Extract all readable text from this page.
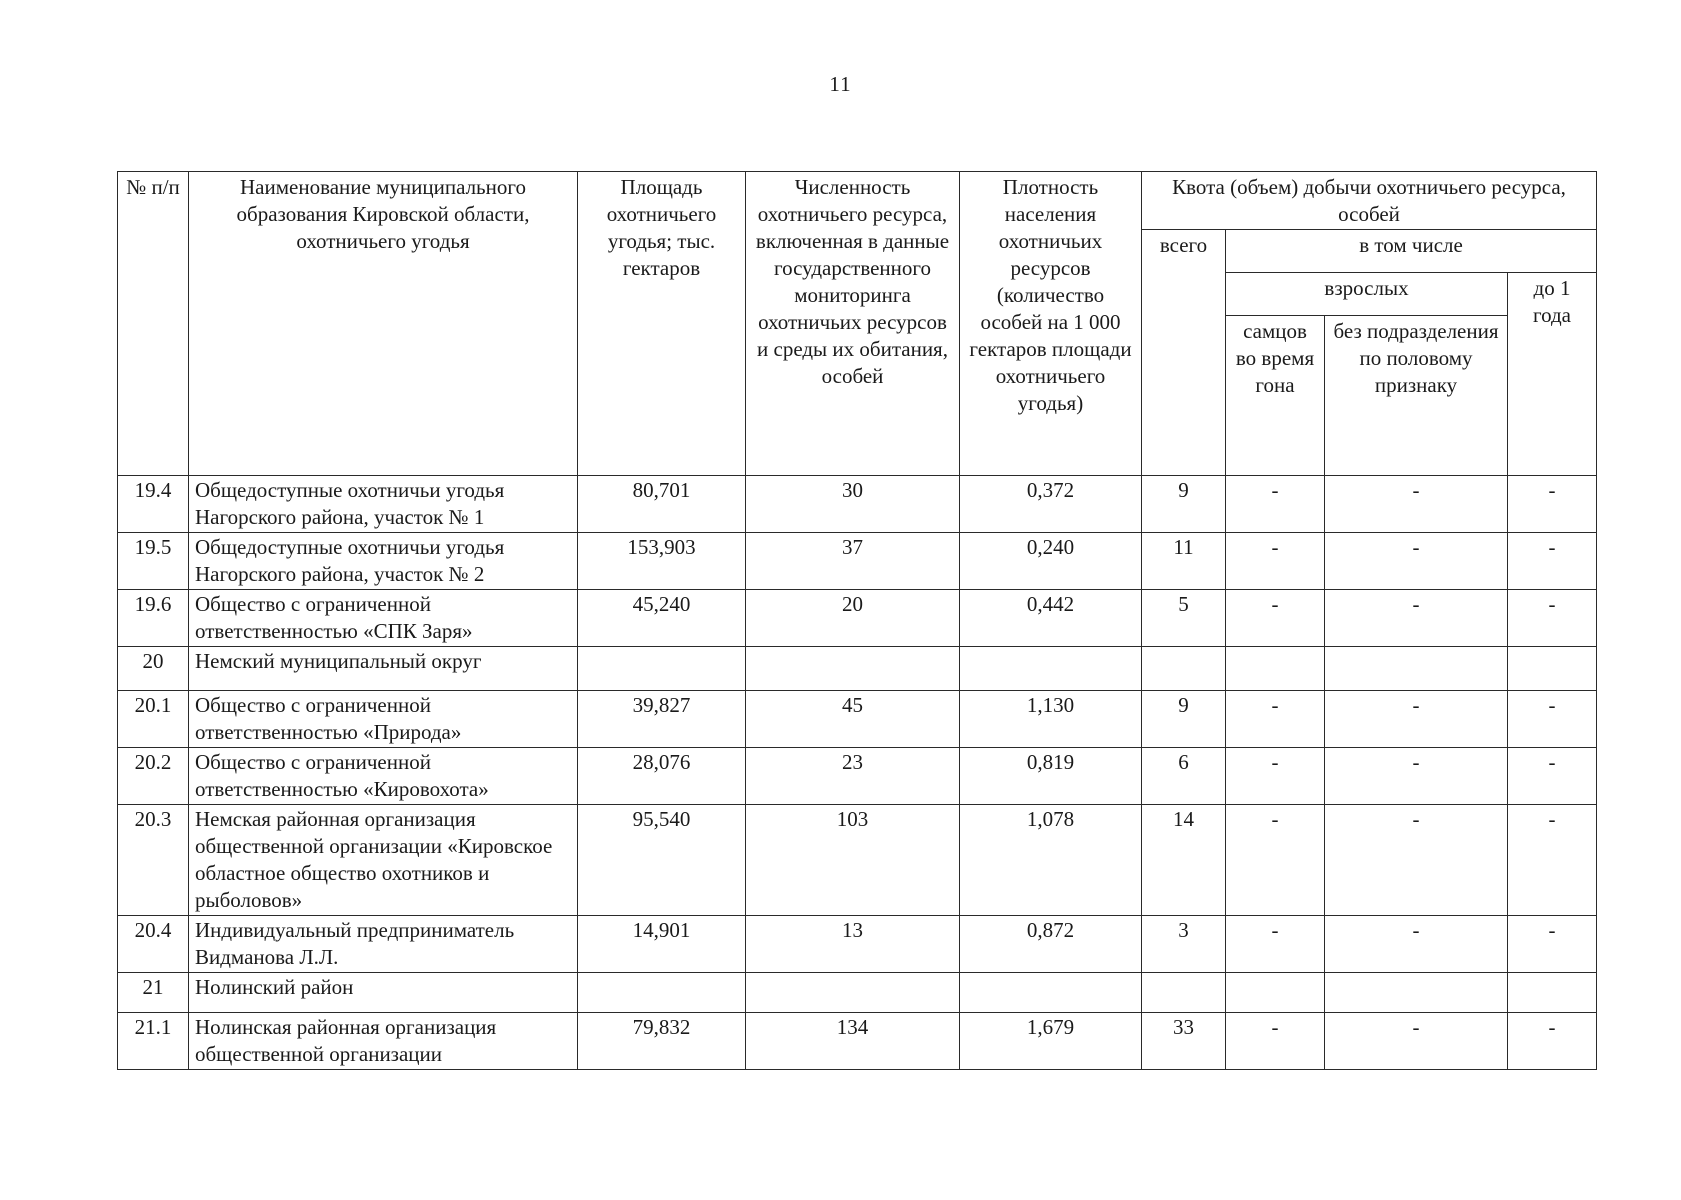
11
№ п/п	Наименование муниципального образования Кировской области, охотничьего угодья	Площадь охотничьего угодья; тыс. гектаров	Численность охотничьего ресурса, включенная в данные государственного мониторинга охотничьих ресурсов и среды их обитания, особей	Плотность населения охотничьих ресурсов (количество особей на 1 000 гектаров площади охотничьего угодья)	Квота (объем) добычи охотничьего ресурса, особей			
					всего	в том числе		
						взрослых		до 1 года
						самцов во время гона	без подразделения по половому признаку	
19.4	Общедоступные охотничьи угодья Нагорского района, участок № 1	80,701	30	0,372	9	-	-	-
19.5	Общедоступные охотничьи угодья Нагорского района, участок № 2	153,903	37	0,240	11	-	-	-
19.6	Общество с ограниченной ответственностью «СПК Заря»	45,240	20	0,442	5	-	-	-
20	Немский муниципальный округ							
20.1	Общество с ограниченной ответственностью «Природа»	39,827	45	1,130	9	-	-	-
20.2	Общество с ограниченной ответственностью «Кировохота»	28,076	23	0,819	6	-	-	-
20.3	Немская районная организация общественной организации «Кировское областное общество охотников и рыболовов»	95,540	103	1,078	14	-	-	-
20.4	Индивидуальный предприниматель Видманова Л.Л.	14,901	13	0,872	3	-	-	-
21	Нолинский район							
21.1	Нолинская районная организация общественной организации	79,832	134	1,679	33	-	-	-
